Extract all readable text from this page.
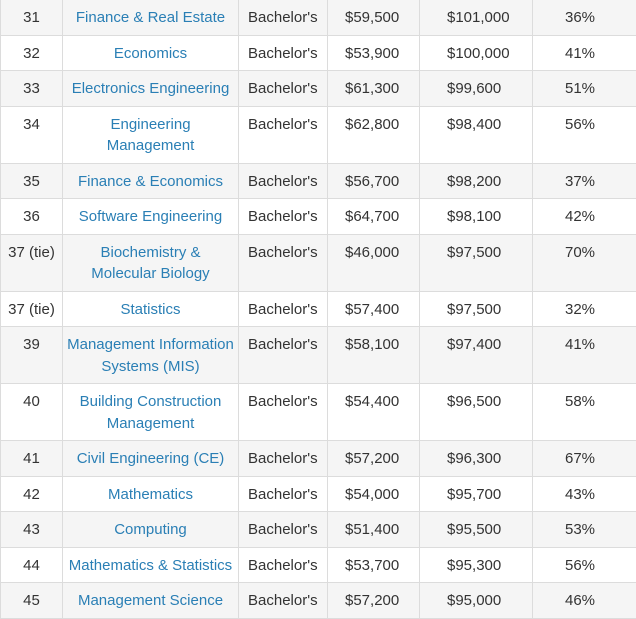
31	Finance & Real Estate	Bachelor's	$59,500	$101,000	36%
32	Economics	Bachelor's	$53,900	$100,000	41%
33	Electronics Engineering	Bachelor's	$61,300	$99,600	51%
34	Engineering Management	Bachelor's	$62,800	$98,400	56%
35	Finance & Economics	Bachelor's	$56,700	$98,200	37%
36	Software Engineering	Bachelor's	$64,700	$98,100	42%
37 (tie)	Biochemistry & Molecular Biology	Bachelor's	$46,000	$97,500	70%
37 (tie)	Statistics	Bachelor's	$57,400	$97,500	32%
39	Management Information Systems (MIS)	Bachelor's	$58,100	$97,400	41%
40	Building Construction Management	Bachelor's	$54,400	$96,500	58%
41	Civil Engineering (CE)	Bachelor's	$57,200	$96,300	67%
42	Mathematics	Bachelor's	$54,000	$95,700	43%
43	Computing	Bachelor's	$51,400	$95,500	53%
44	Mathematics & Statistics	Bachelor's	$53,700	$95,300	56%
45	Management Science	Bachelor's	$57,200	$95,000	46%
